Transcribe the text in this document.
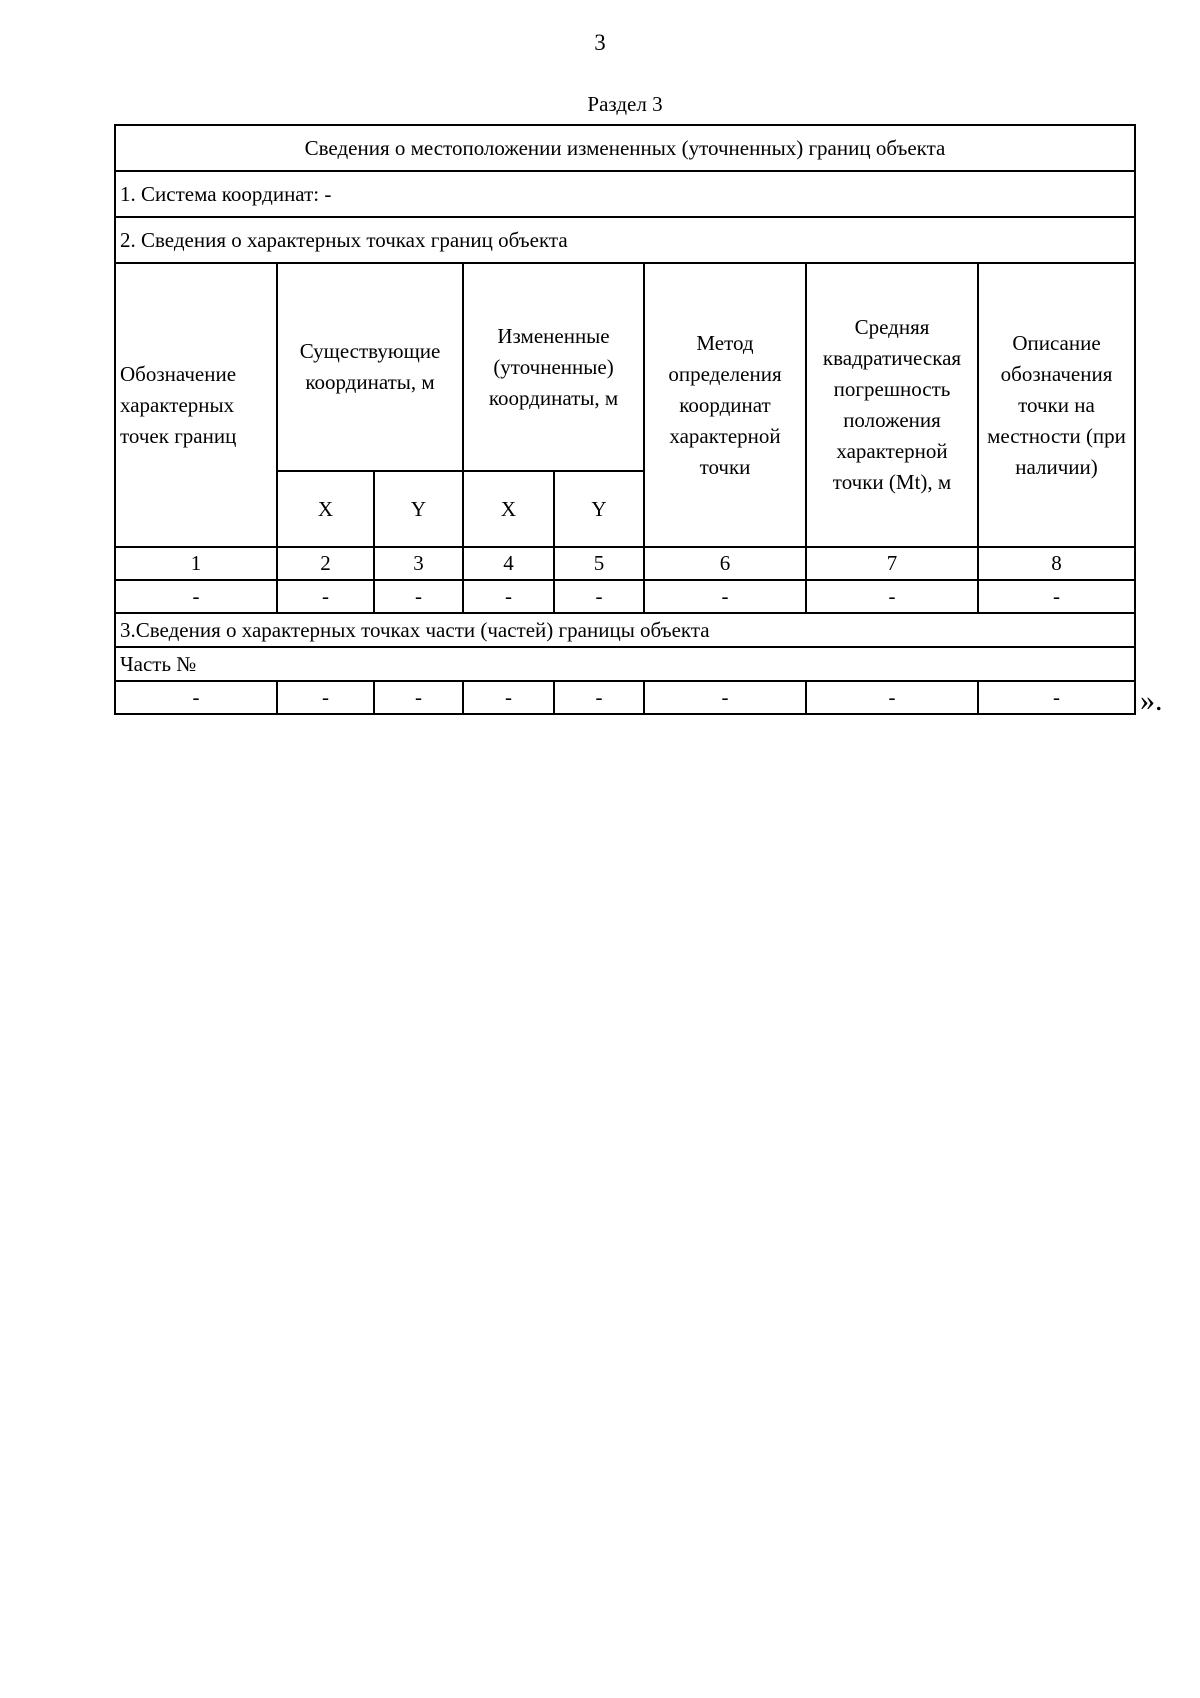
3
Раздел 3
Сведения о местоположении измененных (уточненных) границ объекта							
1. Система координат: -							
2. Сведения о характерных точках границ объекта							
Обозначение характерных точек границ	Существующие координаты, м		Измененные (уточненные) координаты, м		Метод определения координат характерной точки	Средняя квадратическая погрешность положения характерной точки (Mt), м	Описание обозначения точки на местности (при наличии)
	X	Y	X	Y			
1	2	3	4	5	6	7	8
-	-	-	-	-	-	-	-
3.Сведения о характерных точках части (частей) границы объекта							
Часть №							
-	-	-	-	-	-	-	-	».
